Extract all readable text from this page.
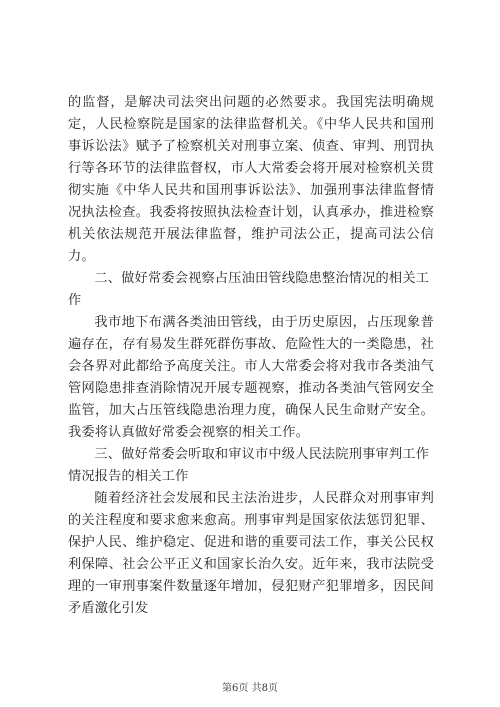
的监督，是解决司法突出问题的必然要求。我国宪法明确规定，人民检察院是国家的法律监督机关。《中华人民共和国刑事诉讼法》赋予了检察机关对刑事立案、侦查、审判、刑罚执行等各环节的法律监督权，市人大常委会将开展对检察机关贯彻实施《中华人民共和国刑事诉讼法》、加强刑事法律监督情况执法检查。我委将按照执法检查计划，认真承办，推进检察机关依法规范开展法律监督，维护司法公正，提高司法公信力。

二、做好常委会视察占压油田管线隐患整治情况的相关工作

我市地下布满各类油田管线，由于历史原因，占压现象普遍存在，存有易发生群死群伤事故、危险性大的一类隐患，社会各界对此都给予高度关注。市人大常委会将对我市各类油气管网隐患排查消除情况开展专题视察，推动各类油气管网安全监管，加大占压管线隐患治理力度，确保人民生命财产安全。我委将认真做好常委会视察的相关工作。

三、做好常委会听取和审议市中级人民法院刑事审判工作情况报告的相关工作

随着经济社会发展和民主法治进步，人民群众对刑事审判的关注程度和要求愈来愈高。刑事审判是国家依法惩罚犯罪、保护人民、维护稳定、促进和谐的重要司法工作，事关公民权利保障、社会公平正义和国家长治久安。近年来，我市法院受理的一审刑事案件数量逐年增加，侵犯财产犯罪增多，因民间矛盾激化引发

第6页 共8页
